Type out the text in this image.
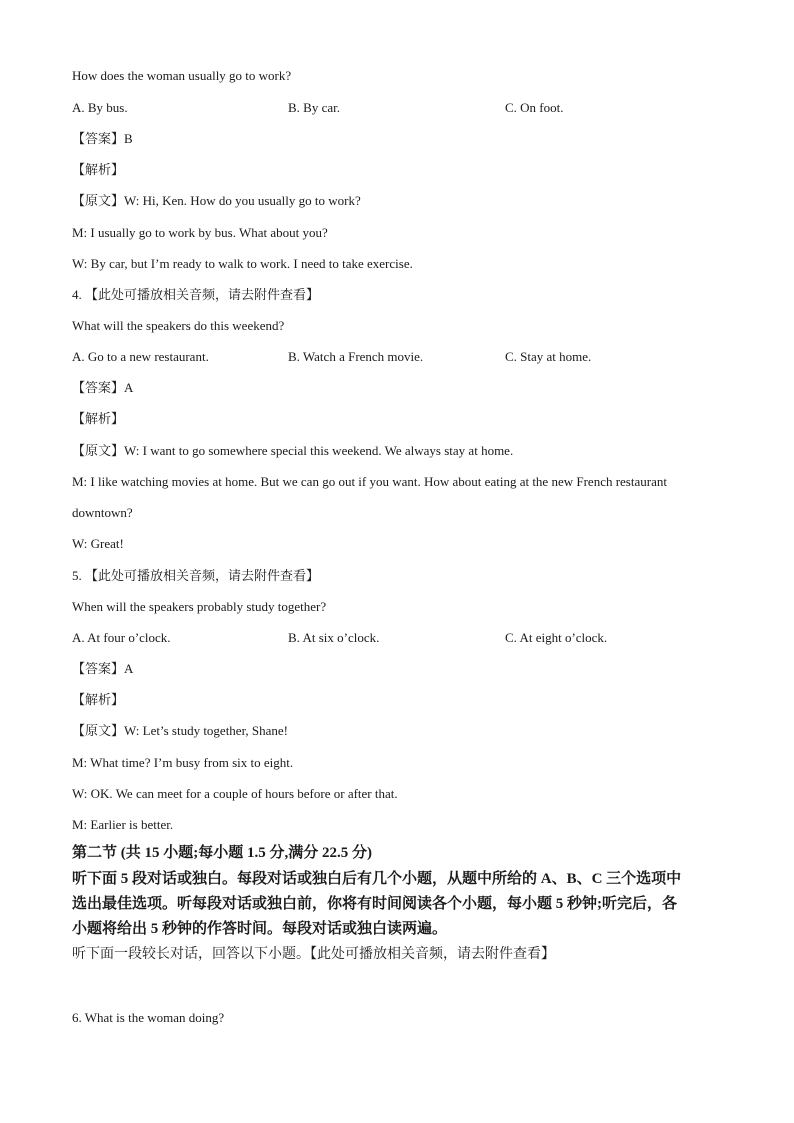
How does the woman usually go to work?
A. By bus.	B. By car.	C. On foot.
【答案】B
【解析】
【原文】W: Hi, Ken. How do you usually go to work?
M: I usually go to work by bus. What about you?
W: By car, but I’m ready to walk to work. I need to take exercise.
4. 【此处可播放相关音频，请去附件查看】
What will the speakers do this weekend?
A. Go to a new restaurant.	B. Watch a French movie.	C. Stay at home.
【答案】A
【解析】
【原文】W: I want to go somewhere special this weekend. We always stay at home.
M: I like watching movies at home. But we can go out if you want. How about eating at the new French restaurant
downtown?
W: Great!
5. 【此处可播放相关音频，请去附件查看】
When will the speakers probably study together?
A. At four o’clock.	B. At six o’clock.	C. At eight o’clock.
【答案】A
【解析】
【原文】W: Let’s study together, Shane!
M: What time? I’m busy from six to eight.
W: OK. We can meet for a couple of hours before or after that.
M: Earlier is better.
第二节 (共 15 小题;每小题 1.5 分,满分 22.5 分)
听下面 5 段对话或独白。每段对话或独白后有几个小题，从题中所给的 A、B、C 三个选项中
选出最佳选项。听每段对话或独白前，你将有时间阅读各个小题，每小题 5 秒钟;听完后，各
小题将给出 5 秒钟的作答时间。每段对话或独白读两遍。
听下面一段较长对话，回答以下小题。【此处可播放相关音频，请去附件查看】
6. What is the woman doing?
